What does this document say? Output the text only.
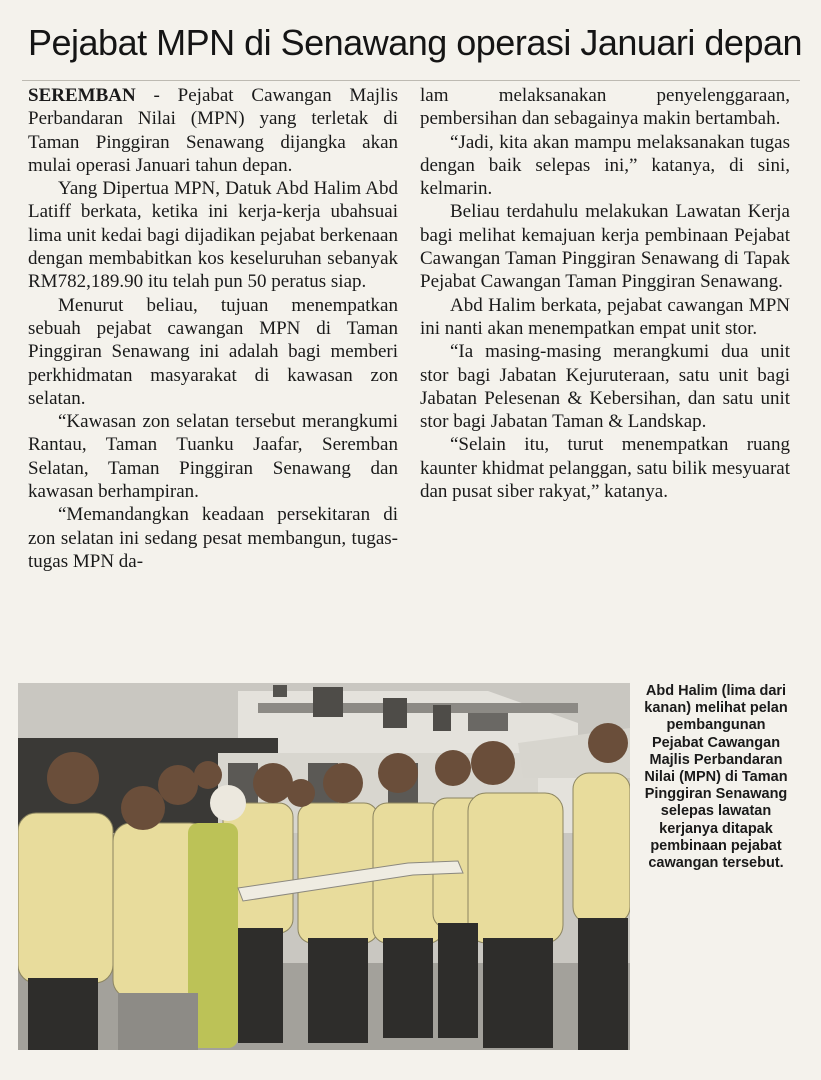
Pejabat MPN di Senawang operasi Januari depan

SEREMBAN - Pejabat Cawangan Majlis Perbandaran Nilai (MPN) yang terletak di Taman Pinggiran Senawang dijangka akan mulai operasi Januari tahun depan.

Yang Dipertua MPN, Datuk Abd Halim Abd Latiff berkata, ketika ini kerja-kerja ubahsuai lima unit kedai bagi dijadikan pejabat berkenaan dengan membabitkan kos keseluruhan sebanyak RM782,189.90 itu telah pun 50 peratus siap.

Menurut beliau, tujuan menempatkan sebuah pejabat cawangan MPN di Taman Pinggiran Senawang ini adalah bagi memberi perkhidmatan masyarakat di kawasan zon selatan.

“Kawasan zon selatan tersebut merangkumi Rantau, Taman Tuanku Jaafar, Seremban Selatan, Taman Pinggiran Senawang dan kawasan berhampiran.

“Memandangkan keadaan persekitaran di zon selatan ini sedang pesat membangun, tugas-tugas MPN da-

lam melaksanakan penyelenggaraan, pembersihan dan sebagainya makin bertambah.

“Jadi, kita akan mampu melaksanakan tugas dengan baik selepas ini,” katanya, di sini, kelmarin.

Beliau terdahulu melakukan Lawatan Kerja bagi melihat kemajuan kerja pembinaan Pejabat Cawangan Taman Pinggiran Senawang di Tapak Pejabat Cawangan Taman Pinggiran Senawang.

Abd Halim berkata, pejabat cawangan MPN ini nanti akan menempatkan empat unit stor.

“Ia masing-masing merangkumi dua unit stor bagi Jabatan Kejuruteraan, satu unit bagi Jabatan Pelesenan & Kebersihan, dan satu unit stor bagi Jabatan Taman & Landskap.

“Selain itu, turut menempatkan ruang kaunter khidmat pelanggan, satu bilik mesyuarat dan pusat siber rakyat,” katanya.

Abd Halim (lima dari kanan) melihat pelan pembangunan Pejabat Cawangan Majlis Perbandaran Nilai (MPN) di Taman Pinggiran Senawang selepas lawatan kerjanya ditapak pembinaan pejabat cawangan tersebut.
